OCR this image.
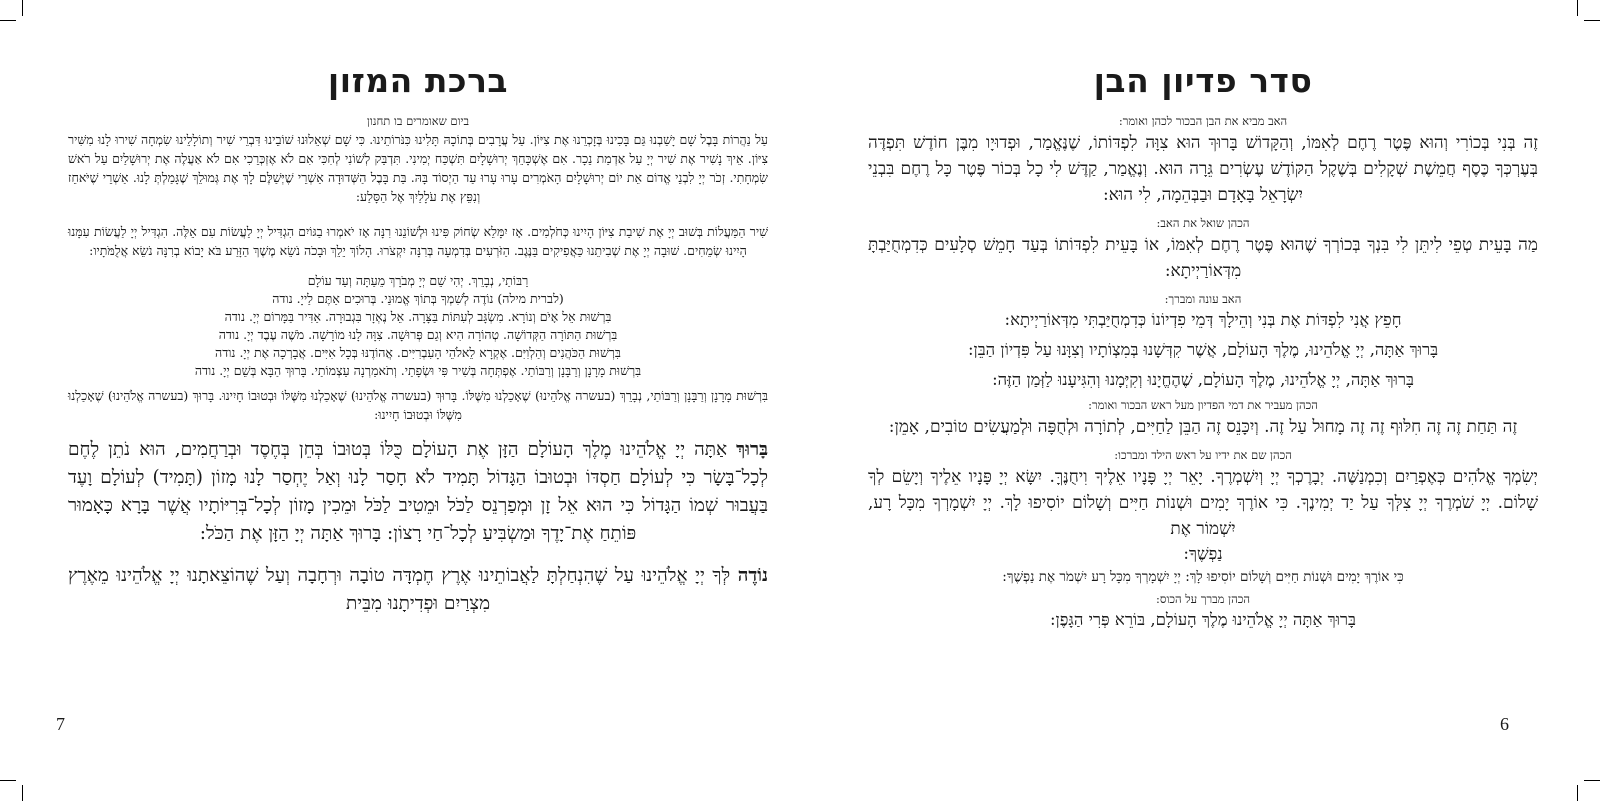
ברכת המזון
ביום שאומרים בו תחנון

עַל נַהֲרוֹת בָּבֶל שָׁם יָשַׁבְנוּ גַּם בָּכִינוּ בְּזָכְרֵנוּ אֶת צִיּוֹן. עַל עֲרָבִים בְּתוֹכָהּ תָּלִינוּ כִּנֹּרוֹתֵינוּ. כִּי שָׁם שְׁאֵלוּנוּ שׁוֹבֵינוּ דִּבְרֵי שִׁיר וְתוֹלָלֵינוּ שִׂמְחָה שִׁירוּ לָנוּ מִשִּׁיר צִיּוֹן. אֵיךְ נָשִׁיר אֶת שִׁיר יְיָ עַל אַדְמַת נֵכָר. אִם אֶשְׁכָּחֵךְ יְרוּשָׁלָיִם תִּשְׁכַּח יְמִינִי. תִּדְבַּק לְשׁוֹנִי לְחִכִּי אִם לֹא אֶזְכְּרֵכִי אִם לֹא אַעֲלֶה אֶת יְרוּשָׁלַיִם עַל רֹאשׁ שִׂמְחָתִי. זְכֹר יְיָ לִבְנֵי אֱדוֹם אֵת יוֹם יְרוּשָׁלָיִם הָאֹמְרִים עָרוּ עָרוּ עַד הַיְסוֹד בָּהּ. בַּת בָּבֶל הַשְּׁדוּדָה אַשְׁרֵי שֶׁיְּשַׁלֶּם לָךְ אֶת גְּמוּלֵךְ שֶׁגָּמַלְתְּ לָנוּ. אַשְׁרֵי שֶׁיֹּאחֵז וְנִפֵּץ אֶת עֹלָלַיִךְ אֶל הַסָּלַע:

שִׁיר הַמַּעֲלוֹת בְּשׁוּב יְיָ אֶת שִׁיבַת צִיּוֹן הָיִינוּ כְּחֹלְמִים. אָז יִמָּלֵא שְׂחוֹק פִּינוּ וּלְשׁוֹנֵנוּ רִנָּה אָז יֹאמְרוּ בַגּוֹיִם הִגְדִּיל יְיָ לַעֲשׂוֹת עִם אֵלֶּה. הִגְדִּיל יְיָ לַעֲשׂוֹת עִמָּנוּ הָיִינוּ שְׂמֵחִים. שׁוּבָה יְיָ אֶת שְׁבִיתֵנוּ כַּאֲפִיקִים בַּנֶּגֶב. הַזֹּרְעִים בְּדִמְעָה בְּרִנָּה יִקְצֹרוּ. הָלוֹךְ יֵלֵךְ וּבָכֹה נֹשֵׂא מֶשֶׁךְ הַזָּרַע בֹּא יָבוֹא בְרִנָּה נֹשֵׂא אֲלֻמֹּתָיו:

רַבּוֹתַי, נְבָרֵךְ. יְהִי שֵׁם יְיָ מְבֹרָךְ מֵעַתָּה וְעַד עוֹלָם

(לברית מילה) נוֹדֶה לְשִׁמְךָ בְּתוֹךְ אֱמוּנַי. בְּרוּכִים אַתֶּם לַייָ. נודה

בִּרְשׁוּת אֵל אָיֹם וְנוֹרָא. מִשְׂגָּב לְעִתּוֹת בַּצָּרָה. אֵל נֶאְזָר בִּגְבוּרָה. אַדִּיר בַּמָּרוֹם יְיָ. נודה

בִּרְשׁוּת הַתּוֹרָה הַקְּדוֹשָׁה. טְהוֹרָה הִיא וְגַם פְּרוּשָׁה. צִוָּה לָנוּ מוֹרָשָׁה. מֹשֶׁה עֶבֶד יְיָ. נודה

בִּרְשׁוּת הַכֹּהֲנִים וְהַלְוִיִּם. אֶקְרָא לֵאלֹהֵי הָעִבְרִיִּים. אֲהוֹדֶנּוּ בְּכָל אִיִּים. אֲבָרְכָה אֶת יְיָ. נודה

בִּרְשׁוּת מָרָנָן וְרַבָּנָן וְרַבּוֹתַי. אֶפְתְּחָה בְּשִׁיר פִּי וּשְׂפָתַי. וְתֹאמַרְנָה עַצְמוֹתַי. בָּרוּךְ הַבָּא בְּשֵׁם יְיָ. נודה

בִּרְשׁוּת מָרָנָן וְרַבָּנָן וְרַבּוֹתַי, נְבָרֵךְ (בעשרה אֱלֹהֵינוּ) שֶׁאָכַלְנוּ מִשֶּׁלּוֹ. בָּרוּךְ (בעשרה אֱלֹהֵינוּ) שֶׁאָכַלְנוּ מִשֶּׁלּוֹ וּבְטוּבוֹ חָיִינוּ. בָּרוּךְ (בעשרה אֱלֹהֵינוּ) שֶׁאָכַלְנוּ מִשֶּׁלּוֹ וּבְטוּבוֹ חָיִינוּ:

בָּרוּךְ אַתָּה יְיָ אֱלֹהֵינוּ מֶלֶךְ הָעוֹלָם הַזָּן אֶת הָעוֹלָם כֻּלּוֹ בְּטוּבוֹ בְּחֵן בְּחֶסֶד וּבְרַחֲמִים, הוּא נֹתֵן לֶחֶם לְכָל־בָּשָׂר כִּי לְעוֹלָם חַסְדּוֹ וּבְטוּבוֹ הַגָּדוֹל תָּמִיד לֹא חָסַר לָנוּ וְאַל יֶחְסַר לָנוּ מָזוֹן (תָּמִיד) לְעוֹלָם וָעֶד בַּעֲבוּר שְׁמוֹ הַגָּדוֹל כִּי הוּא אֵל זָן וּמְפַרְנֵס לַכֹּל וּמֵטִיב לַכֹּל וּמֵכִין מָזוֹן לְכָל־בְּרִיּוֹתָיו אֲשֶׁר בָּרָא כָּאָמוּר פּוֹתֵחַ אֶת־יָדֶךָ וּמַשְׂבִּיעַ לְכָל־חַי רָצוֹן: בָּרוּךְ אַתָּה יְיָ הַזָּן אֶת הַכֹּל:

נוֹדֶה לְּךָ יְיָ אֱלֹהֵינוּ עַל שֶׁהִנְחַלְתָּ לַאֲבוֹתֵינוּ אֶרֶץ חֶמְדָּה טוֹבָה וּרְחָבָה וְעַל שֶׁהוֹצֵאתָנוּ יְיָ אֱלֹהֵינוּ מֵאֶרֶץ מִצְרַיִם וּפְדִיתָנוּ מִבֵּית

7
סדר פדיון הבן
האב מביא את הבן הבכור לכהן ואומר:

זֶה בְּנִי בְּכוֹרִי וְהוּא פֶּטֶר רֶחֶם לְאִמּוֹ, וְהַקָּדוֹשׁ בָּרוּךְ הוּא צִוָּה לִפְדּוֹתוֹ, שֶׁנֶּאֱמַר, וּפְדוּיָו מִבֶּן חוֹדֶשׁ תִּפְדֶּה בְּעֶרְכְּךָ כֶּסֶף חֲמֵשֶׁת שְׁקָלִים בְּשֶׁקֶל הַקּוֹדֶשׁ עֶשְׂרִים גֵּרָה הוּא. וְנֶאֱמַר, קַדֶּשׁ לִי כָל בְּכוֹר פֶּטֶר כָּל רֶחֶם בִּבְנֵי יִשְׂרָאֵל בָּאָדָם וּבַבְּהֵמָה, לִי הוּא:

הכהן שואל את האב:

מַה בָּעֵית טְפֵי לִיתֵּן לִי בִּנְךָ בְּכוֹרְךָ שֶׁהוּא פֶּטֶר רֶחֶם לְאִמּוֹ, אוֹ בָּעֵית לִפְדּוֹתוֹ בְּעַד חָמֵשׁ סְלָעִים כְּדִמְחֻיַּבְתָּ מִדְּאוֹרַיְיתָא:

האב עונה ומברך:

חָפֵץ אֲנִי לִפְדּוֹת אֶת בְּנִי וְהֵילָךְ דְּמֵי פִדְיוֹנוֹ כְּדִמְחֻיַּבְתִּי מִדְּאוֹרַיְיתָא:

בָּרוּךְ אַתָּה, יְיָ אֱלֹהֵינוּ, מֶלֶךְ הָעוֹלָם, אֲשֶׁר קִדְּשָׁנוּ בְּמִצְוֹתָיו וְצִוָּנוּ עַל פִּדְיוֹן הַבֵּן:

בָּרוּךְ אַתָּה, יְיָ אֱלֹהֵינוּ, מֶלֶךְ הָעוֹלָם, שֶׁהֶחֱיָנוּ וְקִיְּמָנוּ וְהִגִּיעָנוּ לַזְּמַן הַזֶּה:

הכהן מעביר את דמי הפדיון מעל ראש הבכור ואומר:

זֶה תַּחַת זֶה זֶה חִלּוּף זֶה זֶה מָחוּל עַל זֶה. וְיִכָּנֵס זֶה הַבֵּן לַחַיִּים, לְתוֹרָה וּלְחֻפָּה וּלְמַעֲשִׂים טוֹבִים, אָמֵן:

הכהן שם את ידיו על ראש הילד ומברכו:

יְשִׂמְךָ אֱלֹהִים כְּאֶפְרַיִם וְכִמְנַשֶּׁה. יְבָרֶכְךָ יְיָ וְיִשְׁמְרֶךָ. יָאֵר יְיָ פָּנָיו אֵלֶיךָ וִיחֻנֶּךָּ. יִשָּׂא יְיָ פָּנָיו אֵלֶיךָ וְיָשֵׂם לְךָ שָׁלוֹם. יְיָ שֹׁמְרֶךָ יְיָ צִלְּךָ עַל יַד יְמִינֶךָ. כִּי אוֹרֶךְ יָמִים וּשְׁנוֹת חַיִּים וְשָׁלוֹם יוֹסִיפוּ לָךְ. יְיָ יִשְׁמָרְךָ מִכָּל רָע, יִשְׁמוֹר אֶת

נַפְשֶׁךָ:

כִּי אוֹרֶךְ יָמִים וּשְׁנוֹת חַיִּים וְשָׁלוֹם יוֹסִיפוּ לָךְ: יְיָ יִשְׁמָרְךָ מִכָּל רָע יִשְׁמֹר אֶת נַפְשֶׁךָ:

הכהן מברך על הכוס:

בָּרוּךְ אַתָּה יְיָ אֱלֹהֵינוּ מֶלֶךְ הָעוֹלָם, בּוֹרֵא פְּרִי הַגָּפֶן:

6
